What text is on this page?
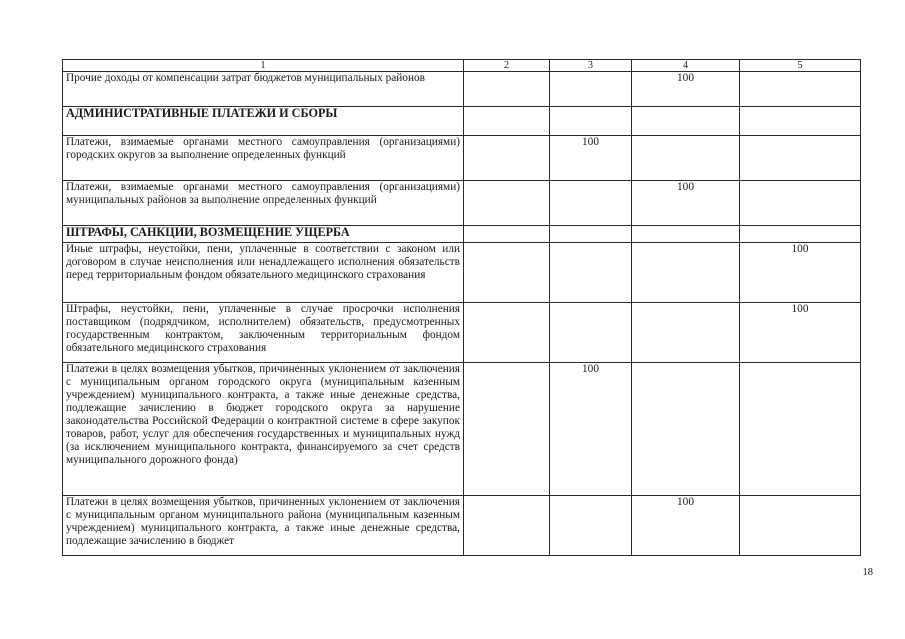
1	2	3	4	5
Прочие доходы от компенсации затрат бюджетов муниципальных районов			100	
АДМИНИСТРАТИВНЫЕ ПЛАТЕЖИ И СБОРЫ				
Платежи, взимаемые органами местного самоуправления (организациями) городских округов за выполнение определенных функций		100		
Платежи, взимаемые органами местного самоуправления (организациями) муниципальных районов за выполнение определенных функций			100	
ШТРАФЫ, САНКЦИИ, ВОЗМЕЩЕНИЕ УЩЕРБА				
Иные штрафы, неустойки, пени, уплаченные в соответствии с законом или договором в случае неисполнения или ненадлежащего исполнения обязательств перед территориальным фондом обязательного медицинского страхования				100
Штрафы, неустойки, пени, уплаченные в случае просрочки исполнения поставщиком (подрядчиком, исполнителем) обязательств, предусмотренных государственным контрактом, заключенным территориальным фондом обязательного медицинского страхования				100
Платежи в целях возмещения убытков, причиненных уклонением от заключения с муниципальным органом городского округа (муниципальным казенным учреждением) муниципального контракта, а также иные денежные средства, подлежащие зачислению в бюджет городского округа за нарушение законодательства Российской Федерации о контрактной системе в сфере закупок товаров, работ, услуг для обеспечения государственных и муниципальных нужд (за исключением муниципального контракта, финансируемого за счет средств муниципального дорожного фонда)		100		
Платежи в целях возмещения убытков, причиненных уклонением от заключения с муниципальным органом муниципального района (муниципальным казенным учреждением) муниципального контракта, а также иные денежные средства, подлежащие зачислению в бюджет			100	
18
